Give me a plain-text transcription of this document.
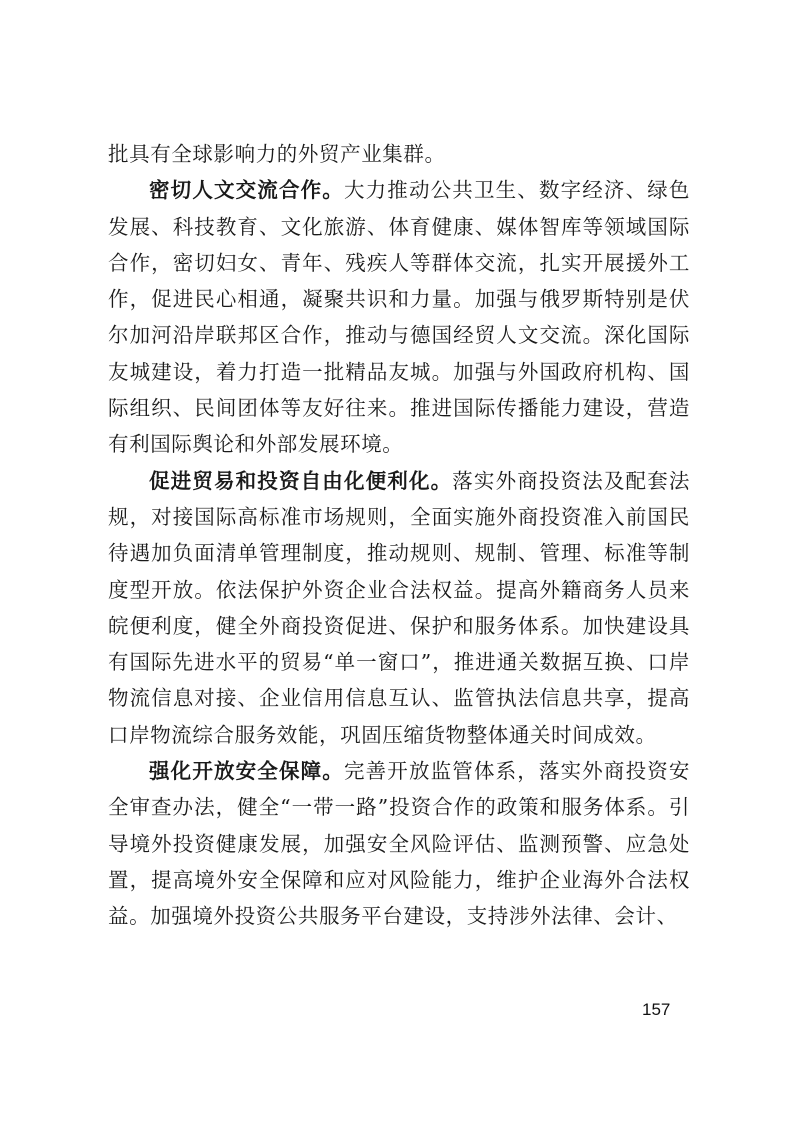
批具有全球影响力的外贸产业集群。

密切人文交流合作。大力推动公共卫生、数字经济、绿色发展、科技教育、文化旅游、体育健康、媒体智库等领域国际 合作，密切妇女、青年、残疾人等群体交流，扎实开展援外工 作，促进民心相通，凝聚共识和力量。加强与俄罗斯特别是伏 尔加河沿岸联邦区合作，推动与德国经贸人文交流。深化国际 友城建设，着力打造一批精品友城。加强与外国政府机构、国 际组织、民间团体等友好往来。推进国际传播能力建设，营造 有利国际舆论和外部发展环境。

促进贸易和投资自由化便利化。落实外商投资法及配套法规，对接国际高标准市场规则，全面实施外商投资准入前国民 待遇加负面清单管理制度，推动规则、规制、管理、标准等制 度型开放。依法保护外资企业合法权益。提高外籍商务人员来 皖便利度，健全外商投资促进、保护和服务体系。加快建设具 有国际先进水平的贸易“单一窗口”，推进通关数据互换、口岸 物流信息对接、企业信用信息互认、监管执法信息共享，提高 口岸物流综合服务效能，巩固压缩货物整体通关时间成效。

强化开放安全保障。完善开放监管体系，落实外商投资安全审查办法，健全“一带一路”投资合作的政策和服务体系。引 导境外投资健康发展，加强安全风险评估、监测预警、应急处 置，提高境外安全保障和应对风险能力，维护企业海外合法权 益。加强境外投资公共服务平台建设，支持涉外法律、会计、

157
